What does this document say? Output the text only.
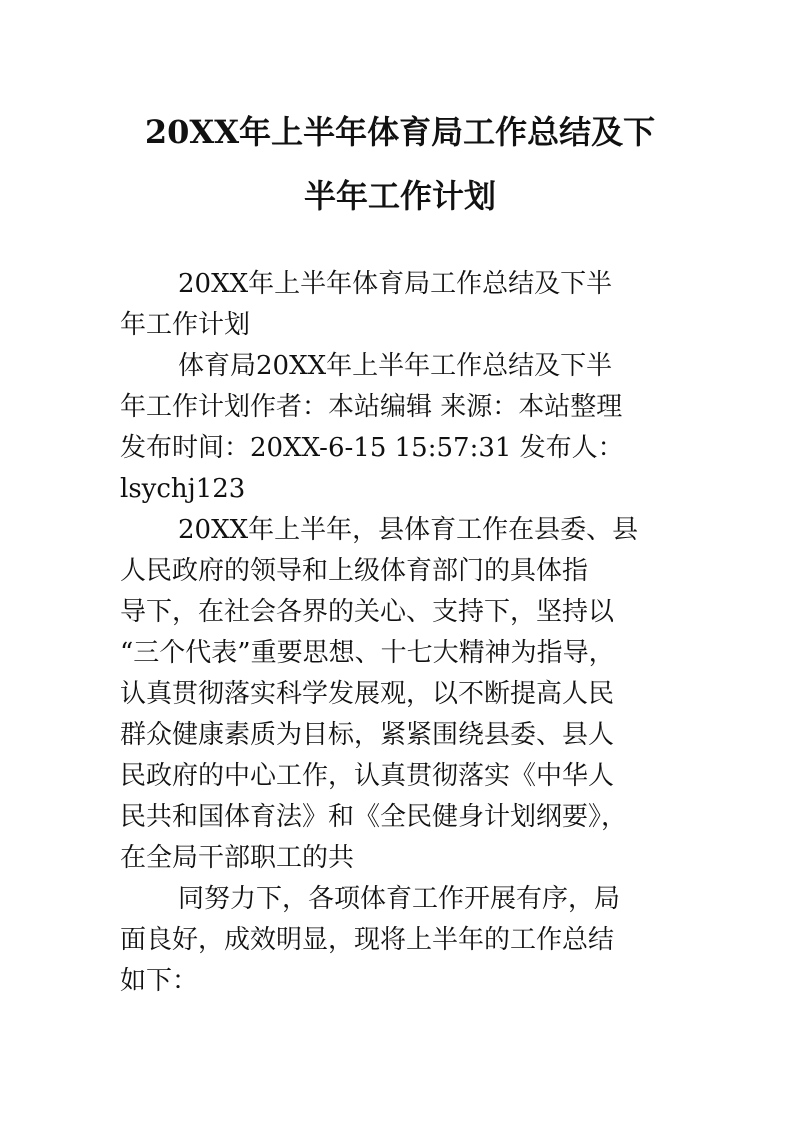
20XX年上半年体育局工作总结及下
半年工作计划

20XX年上半年体育局工作总结及下半
年工作计划

体育局20XX年上半年工作总结及下半
年工作计划作者：本站编辑 来源：本站整理
发布时间：20XX-6-15 15:57:31 发布人：
lsychj123

20XX年上半年，县体育工作在县委、县
人民政府的领导和上级体育部门的具体指
导下，在社会各界的关心、支持下，坚持以
“三个代表”重要思想、十七大精神为指导，
认真贯彻落实科学发展观，以不断提高人民
群众健康素质为目标，紧紧围绕县委、县人
民政府的中心工作，认真贯彻落实《中华人
民共和国体育法》和《全民健身计划纲要》，
在全局干部职工的共

同努力下，各项体育工作开展有序，局
面良好，成效明显，现将上半年的工作总结
如下：
